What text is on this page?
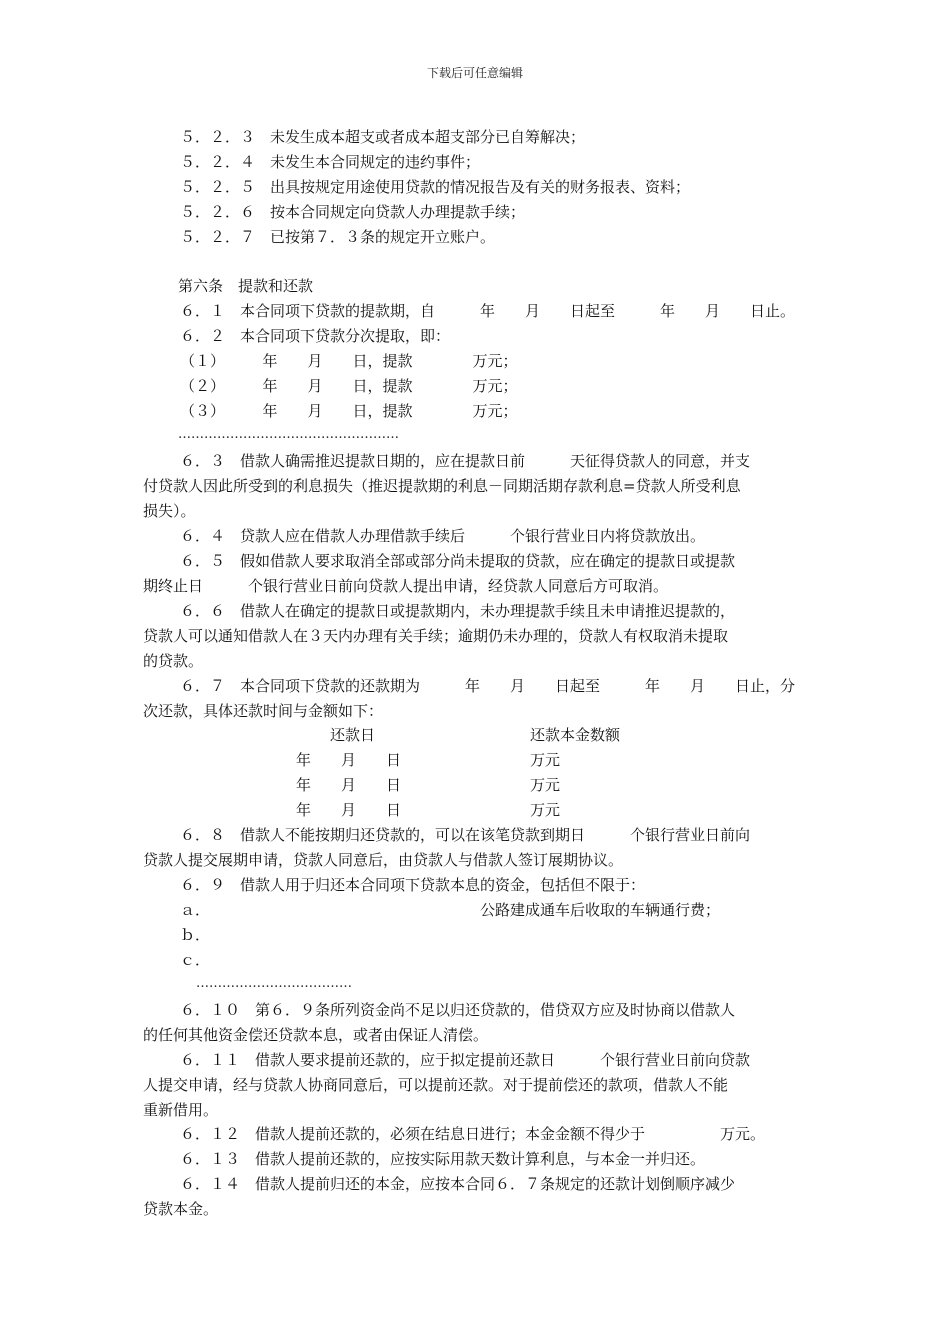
下载后可任意编辑
５．２．３　未发生成本超支或者成本超支部分已自筹解决；
５．２．４　未发生本合同规定的违约事件；
５．２．５　出具按规定用途使用贷款的情况报告及有关的财务报表、资料；
５．２．６　按本合同规定向贷款人办理提款手续；
５．２．７　已按第７．３条的规定开立账户。
第六条　提款和还款
６．１　本合同项下贷款的提款期，自　　　年　　月　　日起至　　　年　　月　　日止。
６．２　本合同项下贷款分次提取，即：
（１）　　　年　　月　　日，提款　　　　万元；
（２）　　　年　　月　　日，提款　　　　万元；
（３）　　　年　　月　　日，提款　　　　万元；
……………………………………………
６．３　借款人确需推迟提款日期的，应在提款日前　　　天征得贷款人的同意，并支
付贷款人因此所受到的利息损失（推迟提款期的利息－同期活期存款利息=贷款人所受利息
损失）。
６．４　贷款人应在借款人办理借款手续后　　　个银行营业日内将贷款放出。
６．５　假如借款人要求取消全部或部分尚未提取的贷款，应在确定的提款日或提款
期终止日　　　个银行营业日前向贷款人提出申请，经贷款人同意后方可取消。
６．６　借款人在确定的提款日或提款期内，未办理提款手续且未申请推迟提款的，
贷款人可以通知借款人在３天内办理有关手续；逾期仍未办理的，贷款人有权取消未提取
的贷款。
６．７　本合同项下贷款的还款期为　　　年　　月　　日起至　　　年　　月　　日止，分
次还款，具体还款时间与金额如下：
还款日	还款本金数额
年　　月　　日	万元
年　　月　　日	万元
年　　月　　日	万元
６．８　借款人不能按期归还贷款的，可以在该笔贷款到期日　　　个银行营业日前向
贷款人提交展期申请，贷款人同意后，由贷款人与借款人签订展期协议。
６．９　借款人用于归还本合同项下贷款本息的资金，包括但不限于：
ａ．	公路建成通车后收取的车辆通行费；
ｂ．
ｃ．
………………………………
６．１０　第６．９条所列资金尚不足以归还贷款的，借贷双方应及时协商以借款人
的任何其他资金偿还贷款本息，或者由保证人清偿。
６．１１　借款人要求提前还款的，应于拟定提前还款日　　　个银行营业日前向贷款
人提交申请，经与贷款人协商同意后，可以提前还款。对于提前偿还的款项，借款人不能
重新借用。
６．１２　借款人提前还款的，必须在结息日进行；本金金额不得少于　　　　　万元。
６．１３　借款人提前还款的，应按实际用款天数计算利息，与本金一并归还。
６．１４　借款人提前归还的本金，应按本合同６．７条规定的还款计划倒顺序减少
贷款本金。
